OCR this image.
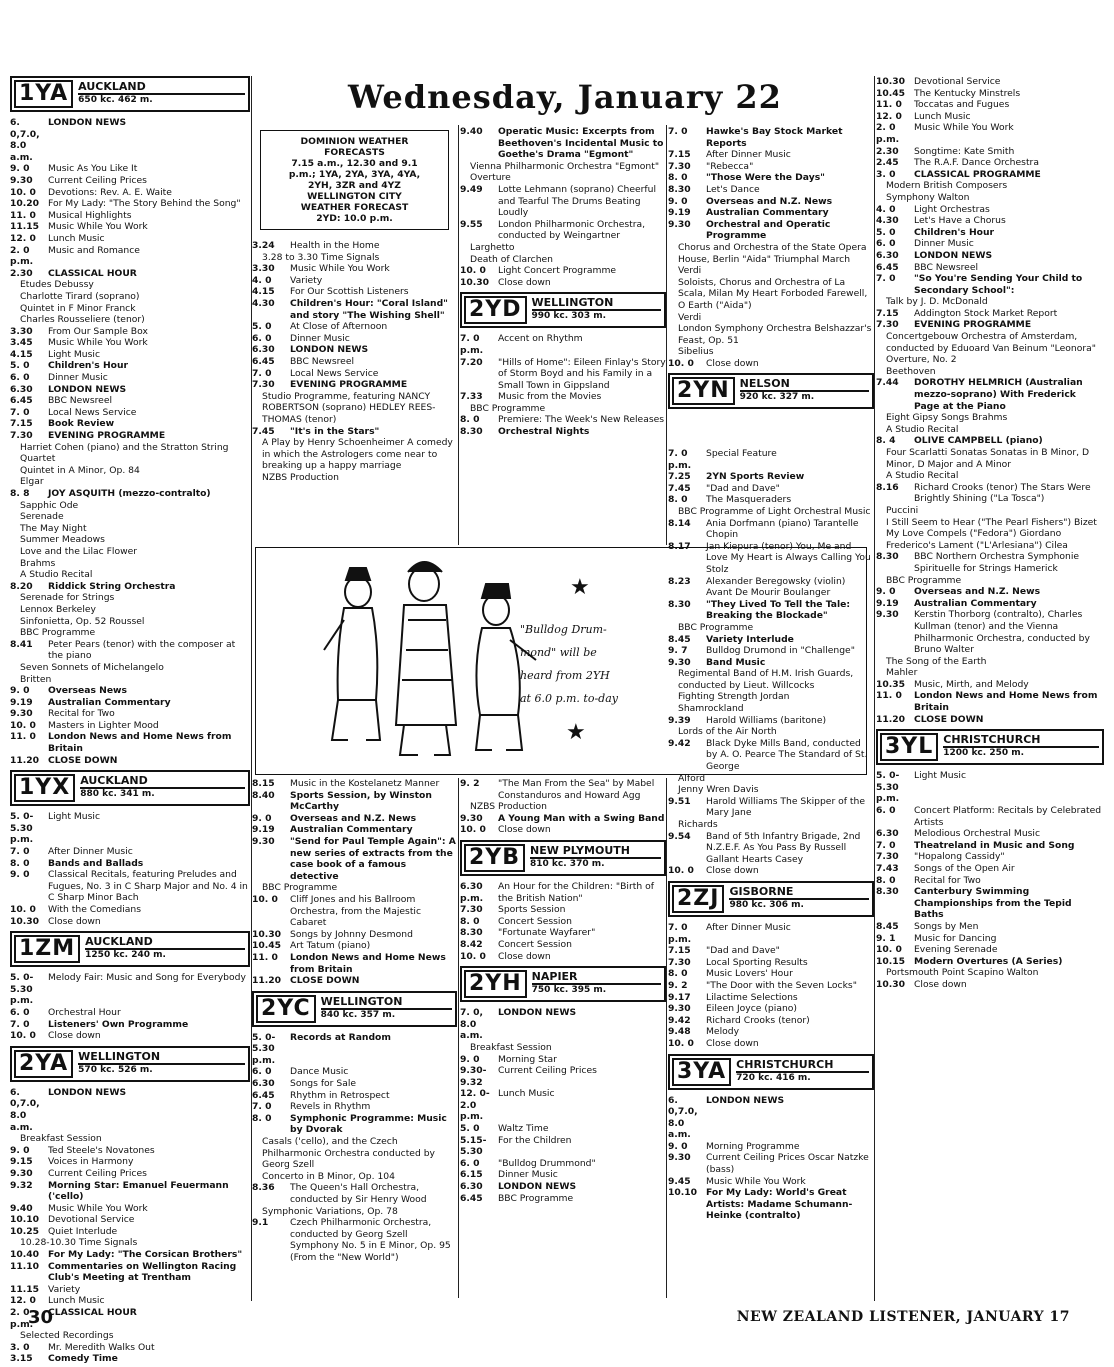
Wednesday, January 22
1YA AUCKLAND
650 kc. 462 m.
6. 0,7.0, 8.0 a.m.
LONDON NEWS
9. 0	Music As You Like It
9.30	Current Ceiling Prices
10. 0	Devotions: Rev. A. E. Waite
10.20 For My Lady: "The Story Behind the Song"
11. 0	Musical Highlights
11.15 Music While You Work
12. 0	Lunch Music
2. 0 p.m.
Music and Romance
2.30	CLASSICAL HOUR
Etudes Debussy
Charlotte Tirard (soprano)
Quintet in F Minor Franck
Charles Rousseliere (tenor)
3.30	From Our Sample Box
3.45	Music While You Work
4.15	Light Music
5. 0	Children's Hour
6. 0	Dinner Music
6.30	LONDON NEWS
6.45	BBC Newsreel
7. 0	Local News Service
7.15	Book Review
7.30	EVENING PROGRAMME
Harriet Cohen (piano) and the Stratton String Quartet
Quintet in A Minor, Op. 84
Elgar
8. 8	JOY ASQUITH (mezzo-contralto)
Sapphic Ode
Serenade
The May Night
Summer Meadows
Love and the Lilac Flower
Brahms
A Studio Recital
8.20	Riddick String Orchestra
Serenade for Strings
Lennox Berkeley
Sinfonietta, Op. 52 Roussel
BBC Programme
8.41	Peter Pears (tenor) with the composer at the piano
Seven Sonnets of Michelangelo
Britten
9. 0	Overseas News
9.19	Australian Commentary
9.30	Recital for Two
10. 0	Masters in Lighter Mood
11. 0	London News and Home News from Britain
11.20 CLOSE DOWN
1YX AUCKLAND
880 kc. 341 m.
5. 0-5.30 p.m.
Light Music
7. 0	After Dinner Music
8. 0	Bands and Ballads
9. 0	Classical Recitals, featuring Preludes and Fugues, No. 3 in C Sharp Major and No. 4 in C Sharp Minor Bach
10. 0	With the Comedians
10.30 Close down
1ZM AUCKLAND
1250 kc. 240 m.
5. 0-5.30 p.m.
Melody Fair: Music and Song for Everybody
6. 0	Orchestral Hour
7. 0	Listeners' Own Programme
10. 0	Close down
2YA WELLINGTON
570 kc. 526 m.
6. 0,7.0, 8.0 a.m.
LONDON NEWS
Breakfast Session
9. 0	Ted Steele's Novatones
9.15	Voices in Harmony
9.30	Current Ceiling Prices
9.32	Morning Star: Emanuel Feuermann ('cello)
9.40	Music While You Work
10.10 Devotional Service
10.25 Quiet Interlude
10.28-10.30 Time Signals
10.40 For My Lady: "The Corsican Brothers"
11.10 Commentaries on Wellington Racing Club's Meeting at Trentham
11.15 Variety
12. 0	Lunch Music
2. 0 p.m.
CLASSICAL HOUR
Selected Recordings
3. 0	Mr. Meredith Walks Out
3.15	Comedy Time
DOMINION WEATHER
FORECASTS
7.15 a.m., 12.30 and 9.1
p.m.; 1YA, 2YA, 3YA, 4YA,
2YH, 3ZR and 4YZ
WELLINGTON CITY
WEATHER FORECAST
2YD: 10.0 p.m.
3.24	Health in the Home
3.28 to 3.30 Time Signals
3.30	Music While You Work
4. 0	Variety
4.15	For Our Scottish Listeners
4.30	Children's Hour: "Coral Island" and story "The Wishing Shell"
5. 0	At Close of Afternoon
6. 0	Dinner Music
6.30	LONDON NEWS
6.45	BBC Newsreel
7. 0	Local News Service
7.30	EVENING PROGRAMME
Studio Programme, featuring NANCY ROBERTSON (soprano) HEDLEY REES-THOMAS (tenor)
7.45	"It's in the Stars"
A Play by Henry Schoenheimer A comedy in which the Astrologers come near to breaking up a happy marriage
NZBS Production
8.15	Music in the Kostelanetz Manner
8.40	Sports Session, by Winston McCarthy
9. 0	Overseas and N.Z. News
9.19	Australian Commentary
9.30	"Send for Paul Temple Again": A new series of extracts from the case book of a famous detective
BBC Programme
10. 0	Cliff Jones and his Ballroom Orchestra, from the Majestic Cabaret
10.30 Songs by Johnny Desmond
10.45 Art Tatum (piano)
11. 0	London News and Home News from Britain
11.20 CLOSE DOWN
2YC WELLINGTON
840 kc. 357 m.
5. 0-5.30 p.m.
Records at Random
6. 0	Dance Music
6.30	Songs for Sale
6.45	Rhythm in Retrospect
7. 0	Revels in Rhythm
8. 0	Symphonic Programme: Music by Dvorak
Casals ('cello), and the Czech Philharmonic Orchestra conducted by Georg Szell
Concerto in B Minor, Op. 104
8.36	The Queen's Hall Orchestra, conducted by Sir Henry Wood
Symphonic Variations, Op. 78
9.1	Czech Philharmonic Orchestra, conducted by Georg Szell Symphony No. 5 in E Minor, Op. 95 (From the "New World")
9.40	Operatic Music: Excerpts from Beethoven's Incidental Music to Goethe's Drama "Egmont"
Vienna Philharmonic Orchestra "Egmont" Overture
9.49	Lotte Lehmann (soprano) Cheerful and Tearful The Drums Beating Loudly
9.55	London Philharmonic Orchestra, conducted by Weingartner
Larghetto
Death of Clarchen
10. 0	Light Concert Programme
10.30 Close down
2YD WELLINGTON
990 kc. 303 m.
7. 0 p.m.
Accent on Rhythm
7.20	"Hills of Home": Eileen Finlay's Story of Storm Boyd and his Family in a Small Town in Gippsland
7.33	Music from the Movies
BBC Programme
8. 0	Premiere: The Week's New Releases
8.30	Orchestral Nights
9. 2	"The Man From the Sea" by Mabel Constanduros and Howard Agg
NZBS Production
9.30	A Young Man with a Swing Band
10. 0	Close down
2YB NEW PLYMOUTH
810 kc. 370 m.
6.30 p.m.
An Hour for the Children: "Birth of the British Nation"
7.30	Sports Session
8. 0	Concert Session
8.30	"Fortunate Wayfarer"
8.42	Concert Session
10. 0	Close down
2YH NAPIER
750 kc. 395 m.
7. 0, 8.0 a.m.
LONDON NEWS
Breakfast Session
9. 0	Morning Star
9.30-9.32
Current Ceiling Prices
12. 0-2.0 p.m.
Lunch Music
5. 0	Waltz Time
5.15-5.30
For the Children
6. 0	"Bulldog Drummond"
6.15	Dinner Music
6.30	LONDON NEWS
6.45	BBC Programme
7. 0	Hawke's Bay Stock Market Reports
7.15	After Dinner Music
7.30	"Rebecca"
8. 0	"Those Were the Days"
8.30	Let's Dance
9. 0	Overseas and N.Z. News
9.19	Australian Commentary
9.30	Orchestral and Operatic Programme
Chorus and Orchestra of the State Opera House, Berlin "Aida" Triumphal March
Verdi
Soloists, Chorus and Orchestra of La Scala, Milan My Heart Forboded Farewell, O Earth ("Aida")
Verdi
London Symphony Orchestra Belshazzar's Feast, Op. 51
Sibelius
10. 0	Close down
2YN NELSON
920 kc. 327 m.
7. 0 p.m.
Special Feature
7.25	2YN Sports Review
7.45	"Dad and Dave"
8. 0	The Masqueraders
BBC Programme of Light Orchestral Music
8.14	Ania Dorfmann (piano) Tarantelle Chopin
8.17	Jan Kiepura (tenor) You, Me and Love My Heart is Always Calling You Stolz
8.23	Alexander Beregowsky (violin) Avant De Mourir Boulanger
8.30	"They Lived To Tell the Tale: Breaking the Blockade"
BBC Programme
8.45	Variety Interlude
9. 7	Bulldog Drumond in "Challenge"
9.30	Band Music
Regimental Band of H.M. Irish Guards, conducted by Lieut. Willcocks
Fighting Strength Jordan
Shamrockland
9.39	Harold Williams (baritone)
Lords of the Air North
9.42	Black Dyke Mills Band, conducted by A. O. Pearce The Standard of St. George
Alford
Jenny Wren Davis
9.51	Harold Williams The Skipper of the Mary Jane
Richards
9.54	Band of 5th Infantry Brigade, 2nd N.Z.E.F. As You Pass By Russell Gallant Hearts Casey
10. 0	Close down
2ZJ GISBORNE
980 kc. 306 m.
7. 0 p.m.
After Dinner Music
7.15	"Dad and Dave"
7.30	Local Sporting Results
8. 0	Music Lovers' Hour
9. 2	"The Door with the Seven Locks"
9.17	Lilactime Selections
9.30	Eileen Joyce (piano)
9.42	Richard Crooks (tenor)
9.48	Melody
10. 0	Close down
3YA CHRISTCHURCH
720 kc. 416 m.
6. 0,7.0, 8.0 a.m.
LONDON NEWS
9. 0	Morning Programme
9.30	Current Ceiling Prices Oscar Natzke (bass)
9.45	Music While You Work
10.10 For My Lady: World's Great Artists: Madame Schumann-Heinke (contralto)
10.30 Devotional Service
10.45 The Kentucky Minstrels
11. 0	Toccatas and Fugues
12. 0	Lunch Music
2. 0 p.m.
Music While You Work
2.30	Songtime: Kate Smith
2.45	The R.A.F. Dance Orchestra
3. 0	CLASSICAL PROGRAMME
Modern British Composers
Symphony Walton
4. 0	Light Orchestras
4.30	Let's Have a Chorus
5. 0	Children's Hour
6. 0	Dinner Music
6.30	LONDON NEWS
6.45	BBC Newsreel
7. 0	"So You're Sending Your Child to Secondary School":
Talk by J. D. McDonald
7.15	Addington Stock Market Report
7.30	EVENING PROGRAMME
Concertgebouw Orchestra of Amsterdam, conducted by Eduoard Van Beinum "Leonora" Overture, No. 2
Beethoven
7.44	DOROTHY HELMRICH (Australian mezzo-soprano) With Frederick Page at the Piano
Eight Gipsy Songs Brahms
A Studio Recital
8. 4	OLIVE CAMPBELL (piano)
Four Scarlatti Sonatas Sonatas in B Minor, D Minor, D Major and A Minor
A Studio Recital
8.16	Richard Crooks (tenor) The Stars Were Brightly Shining ("La Tosca")
Puccini
I Still Seem to Hear ("The Pearl Fishers") Bizet
My Love Compels ("Fedora") Giordano
Frederico's Lament ("L'Arlesiana") Cilea
8.30	BBC Northern Orchestra Symphonie Spirituelle for Strings Hamerick
BBC Programme
9. 0	Overseas and N.Z. News
9.19	Australian Commentary
9.30	Kerstin Thorborg (contralto), Charles Kullman (tenor) and the Vienna Philharmonic Orchestra, conducted by Bruno Walter
The Song of the Earth
Mahler
10.35 Music, Mirth, and Melody
11. 0	London News and Home News from Britain
11.20 CLOSE DOWN
3YL CHRISTCHURCH
1200 kc. 250 m.
5. 0-5.30 p.m.
Light Music
6. 0	Concert Platform: Recitals by Celebrated Artists
6.30	Melodious Orchestral Music
7. 0	Theatreland in Music and Song
7.30	"Hopalong Cassidy"
7.43	Songs of the Open Air
8. 0	Recital for Two
8.30	Canterbury Swimming Championships from the Tepid Baths
8.45	Songs by Men
9. 1	Music for Dancing
10. 0	Evening Serenade
10.15 Modern Overtures (A Series)
Portsmouth Point Scapino Walton
10.30 Close down
"Bulldog Drum-
mond" will be
heard from 2YH
at 6.0 p.m. to-day
★
★
30	NEW ZEALAND LISTENER, JANUARY 17
